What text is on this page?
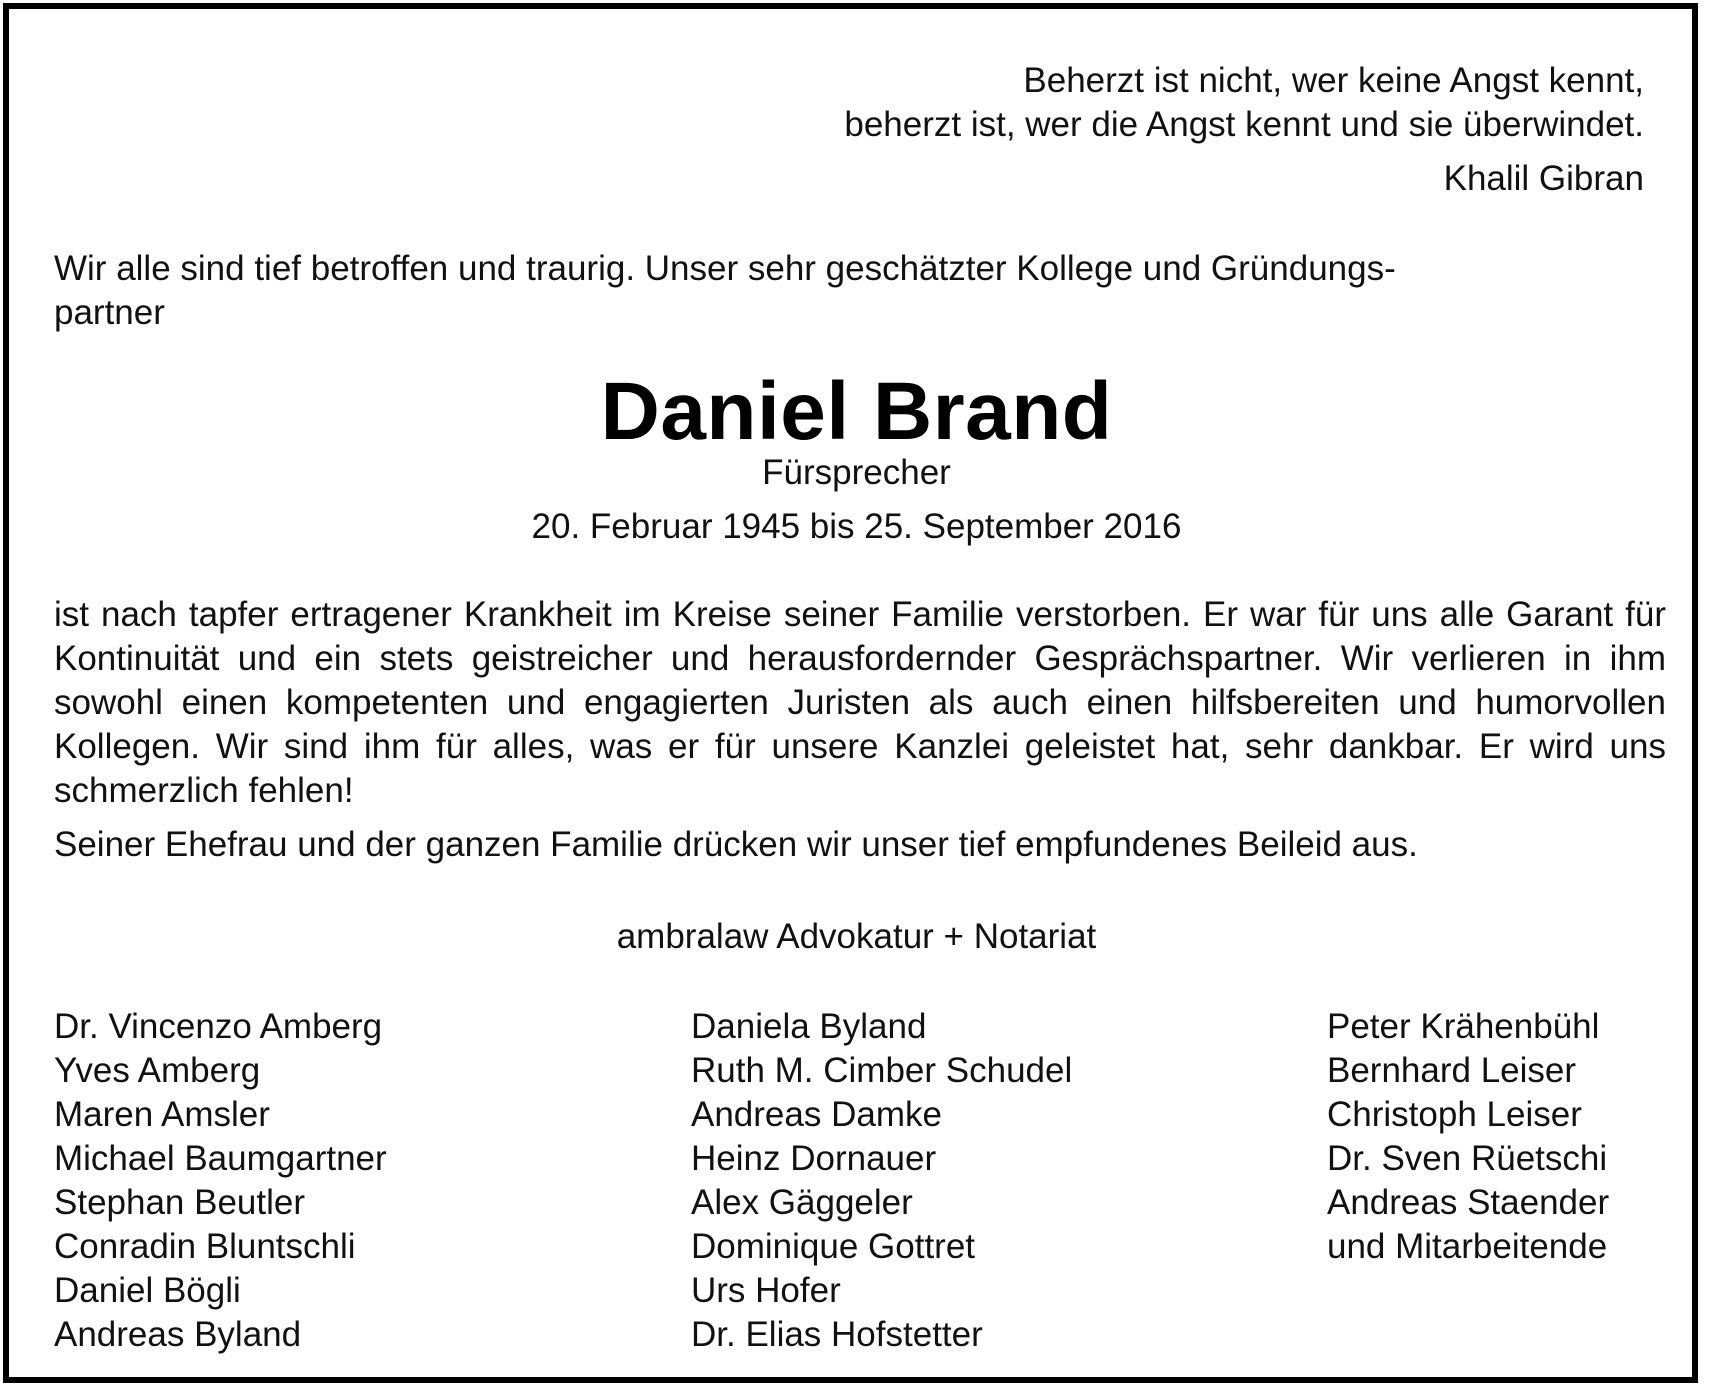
Beherzt ist nicht, wer keine Angst kennt,
beherzt ist, wer die Angst kennt und sie überwindet.
Khalil Gibran
Wir alle sind tief betroffen und traurig. Unser sehr geschätzter Kollege und Gründungs-
partner
Daniel Brand
Fürsprecher
20. Februar 1945 bis 25. September 2016

ist nach tapfer ertragener Krankheit im Kreise seiner Familie verstorben. Er war für uns alle Garant für Kontinuität und ein stets geistreicher und herausfordernder Gesprächspartner. Wir verlieren in ihm sowohl einen kompetenten und engagierten Juristen als auch einen hilfsbereiten und humorvollen Kollegen. Wir sind ihm für alles, was er für unsere Kanzlei geleistet hat, sehr dankbar. Er wird uns schmerzlich fehlen!

Seiner Ehefrau und der ganzen Familie drücken wir unser tief empfundenes Beileid aus.

ambralaw Advokatur + Notariat
Dr. Vincenzo Amberg
Yves Amberg
Maren Amsler
Michael Baumgartner
Stephan Beutler
Conradin Bluntschli
Daniel Bögli
Andreas Byland
Daniela Byland
Ruth M. Cimber Schudel
Andreas Damke
Heinz Dornauer
Alex Gäggeler
Dominique Gottret
Urs Hofer
Dr. Elias Hofstetter
Peter Krähenbühl
Bernhard Leiser
Christoph Leiser
Dr. Sven Rüetschi
Andreas Staender
und Mitarbeitende
